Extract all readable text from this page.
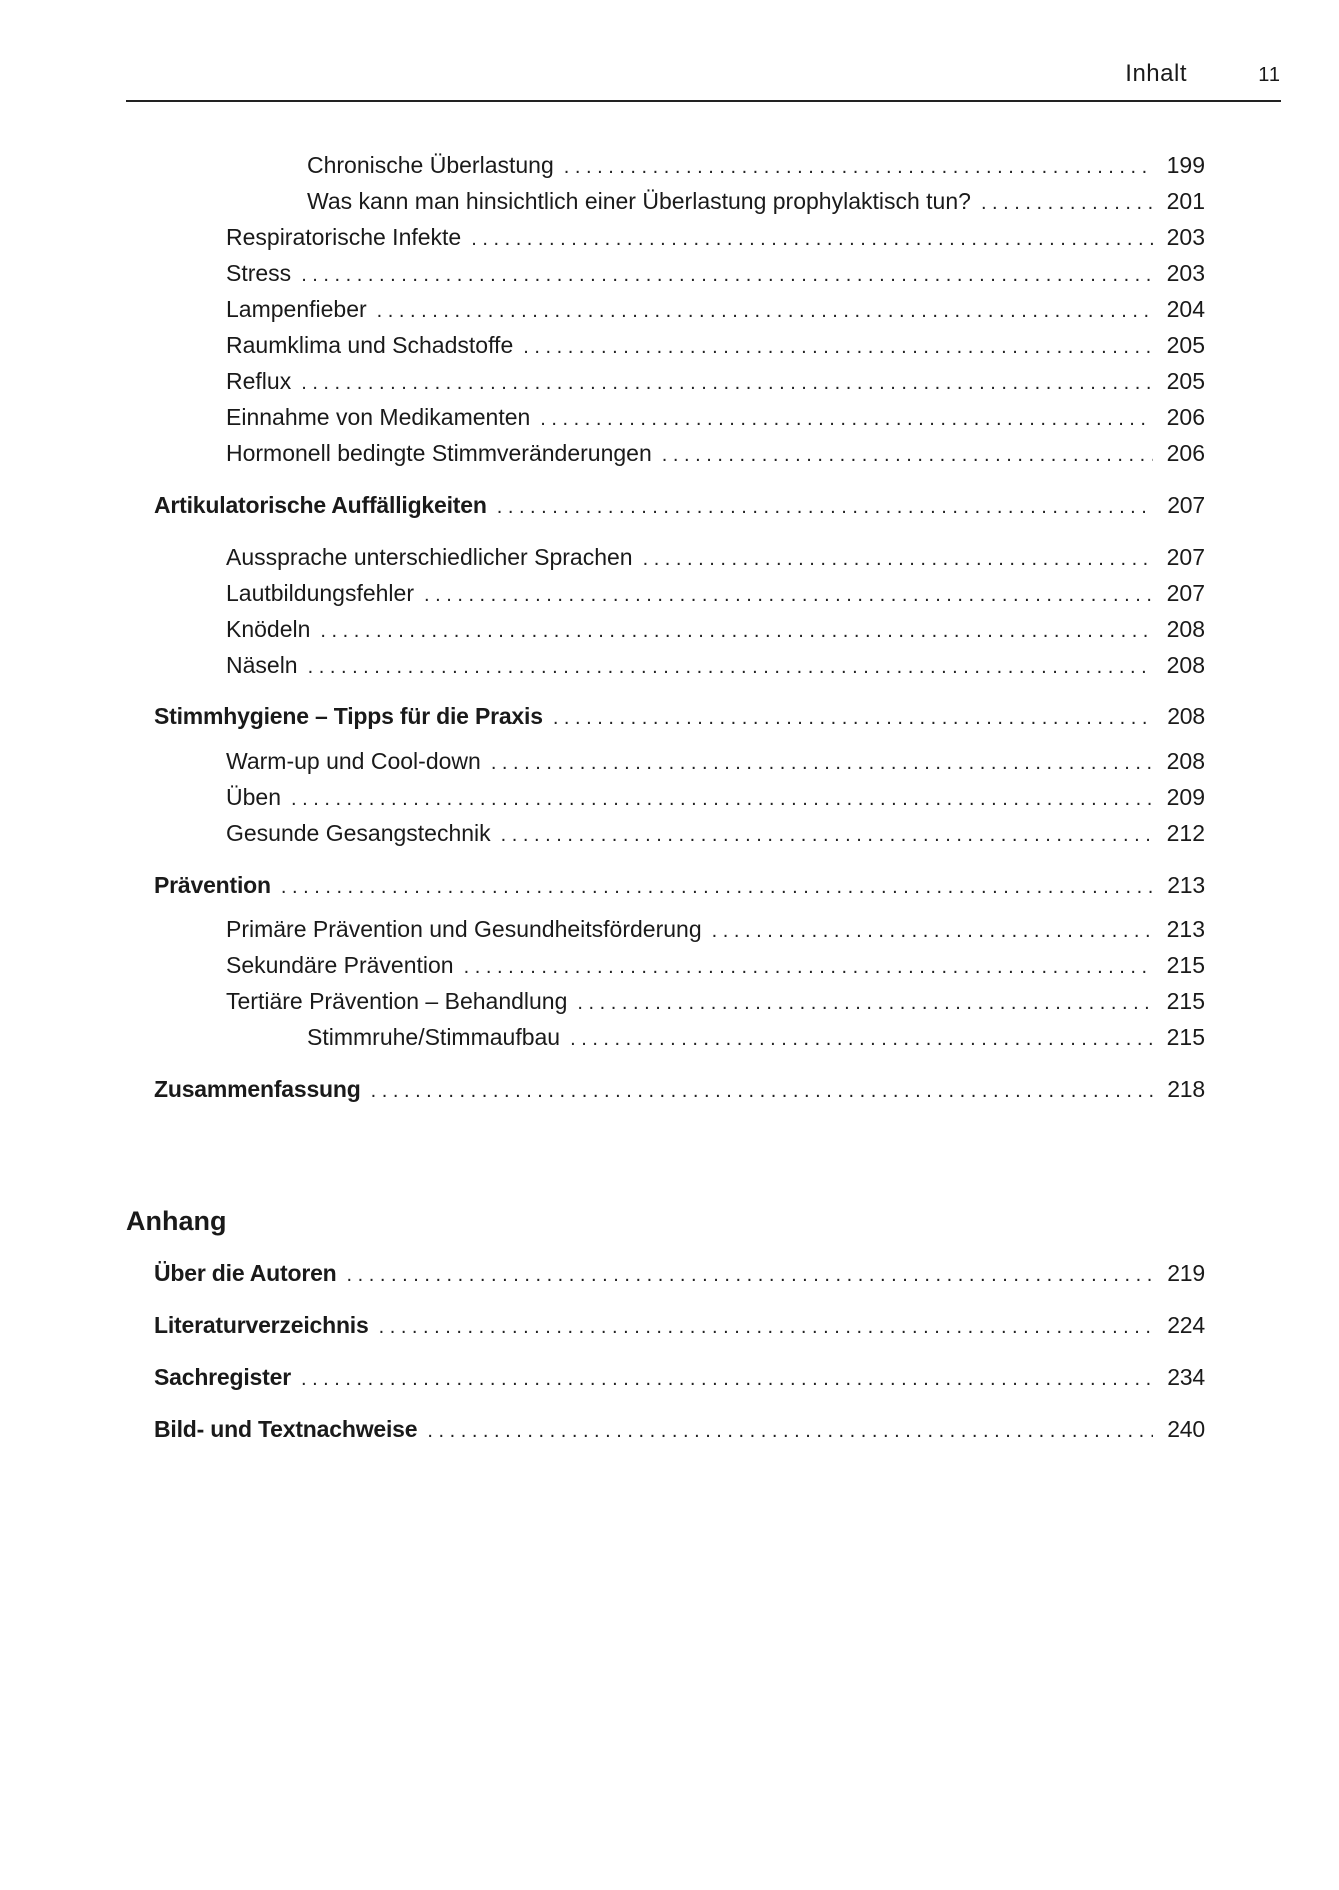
Inhalt	11
Chronische Überlastung . . .	199
Was kann man hinsichtlich einer Überlastung prophylaktisch tun? . . .	201
Respiratorische Infekte . . .	203
Stress . . .	203
Lampenfieber . . .	204
Raumklima und Schadstoffe . . .	205
Reflux . . .	205
Einnahme von Medikamenten . . .	206
Hormonell bedingte Stimmveränderungen . . .	206
Artikulatorische Auffälligkeiten . . .	207
Aussprache unterschiedlicher Sprachen . . .	207
Lautbildungsfehler . . .	207
Knödeln . . .	208
Näseln . . .	208
Stimmhygiene – Tipps für die Praxis . . .	208
Warm-up und Cool-down . . .	208
Üben . . .	209
Gesunde Gesangstechnik . . .	212
Prävention . . .	213
Primäre Prävention und Gesundheitsförderung . . .	213
Sekundäre Prävention . . .	215
Tertiäre Prävention – Behandlung . . .	215
Stimmruhe/Stimmaufbau . . .	215
Zusammenfassung . . .	218
Anhang
Über die Autoren . . .	219
Literaturverzeichnis . . .	224
Sachregister . . .	234
Bild- und Textnachweise . . .	240
